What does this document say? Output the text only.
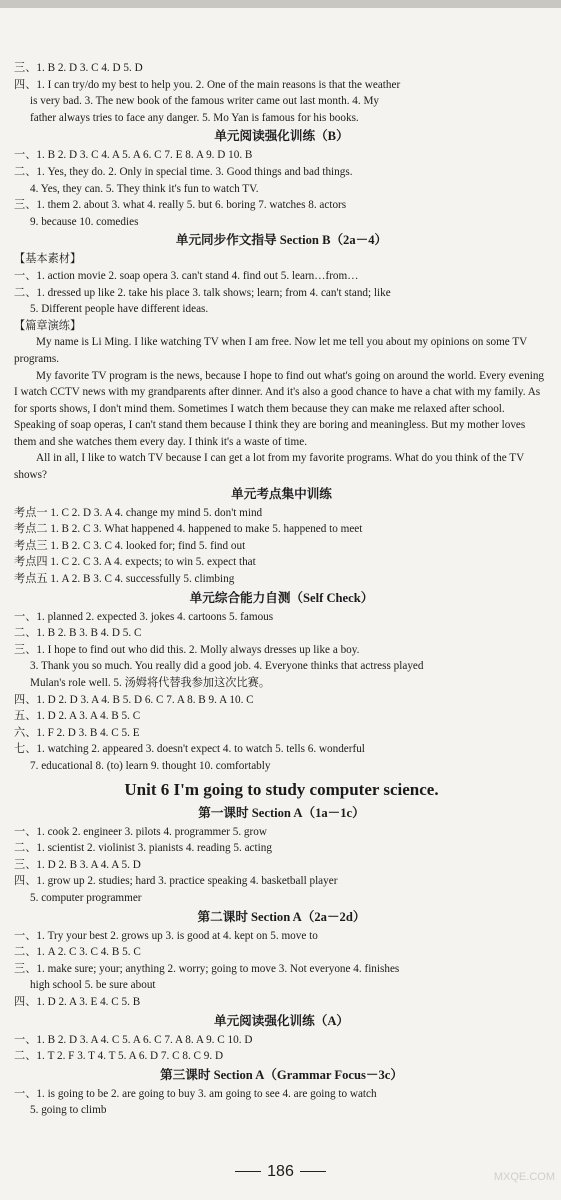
三、1. B 2. D 3. C 4. D 5. D
四、1. I can try/do my best to help you. 2. One of the main reasons is that the weather
is very bad. 3. The new book of the famous writer came out last month. 4. My
father always tries to face any danger. 5. Mo Yan is famous for his books.
单元阅读强化训练（B）
一、1. B 2. D 3. C 4. A 5. A 6. C 7. E 8. A 9. D 10. B
二、1. Yes, they do. 2. Only in special time. 3. Good things and bad things.
4. Yes, they can. 5. They think it's fun to watch TV.
三、1. them 2. about 3. what 4. really 5. but 6. boring 7. watches 8. actors
9. because 10. comedies
单元同步作文指导 Section B（2a－4）
【基本素材】
一、1. action movie 2. soap opera 3. can't stand 4. find out 5. learn…from…
二、1. dressed up like 2. take his place 3. talk shows; learn; from 4. can't stand; like
5. Different people have different ideas.
【篇章演练】
My name is Li Ming. I like watching TV when I am free. Now let me tell you about my opinions on some TV programs.
My favorite TV program is the news, because I hope to find out what's going on around the world. Every evening I watch CCTV news with my grandparents after dinner. And it's also a good chance to have a chat with my family. As for sports shows, I don't mind them. Sometimes I watch them because they can make me relaxed after school. Speaking of soap operas, I can't stand them because I think they are boring and meaningless. But my mother loves them and she watches them every day. I think it's a waste of time.
All in all, I like to watch TV because I can get a lot from my favorite programs. What do you think of the TV shows?
单元考点集中训练
考点一 1. C 2. D 3. A 4. change my mind 5. don't mind
考点二 1. B 2. C 3. What happened 4. happened to make 5. happened to meet
考点三 1. B 2. C 3. C 4. looked for; find 5. find out
考点四 1. C 2. C 3. A 4. expects; to win 5. expect that
考点五 1. A 2. B 3. C 4. successfully 5. climbing
单元综合能力自测（Self Check）
一、1. planned 2. expected 3. jokes 4. cartoons 5. famous
二、1. B 2. B 3. B 4. D 5. C
三、1. I hope to find out who did this. 2. Molly always dresses up like a boy.
3. Thank you so much. You really did a good job. 4. Everyone thinks that actress played
Mulan's role well. 5. 汤姆将代替我参加这次比赛。
四、1. D 2. D 3. A 4. B 5. D 6. C 7. A 8. B 9. A 10. C
五、1. D 2. A 3. A 4. B 5. C
六、1. F 2. D 3. B 4. C 5. E
七、1. watching 2. appeared 3. doesn't expect 4. to watch 5. tells 6. wonderful
7. educational 8. (to) learn 9. thought 10. comfortably
Unit 6 I'm going to study computer science.
第一课时 Section A（1a－1c）
一、1. cook 2. engineer 3. pilots 4. programmer 5. grow
二、1. scientist 2. violinist 3. pianists 4. reading 5. acting
三、1. D 2. B 3. A 4. A 5. D
四、1. grow up 2. studies; hard 3. practice speaking 4. basketball player
5. computer programmer
第二课时 Section A（2a－2d）
一、1. Try your best 2. grows up 3. is good at 4. kept on 5. move to
二、1. A 2. C 3. C 4. B 5. C
三、1. make sure; your; anything 2. worry; going to move 3. Not everyone 4. finishes
high school 5. be sure about
四、1. D 2. A 3. E 4. C 5. B
单元阅读强化训练（A）
一、1. B 2. D 3. A 4. C 5. A 6. C 7. A 8. A 9. C 10. D
二、1. T 2. F 3. T 4. T 5. A 6. D 7. C 8. C 9. D
第三课时 Section A（Grammar Focus－3c）
一、1. is going to be 2. are going to buy 3. am going to see 4. are going to watch
5. going to climb
186	MXQE.COM
